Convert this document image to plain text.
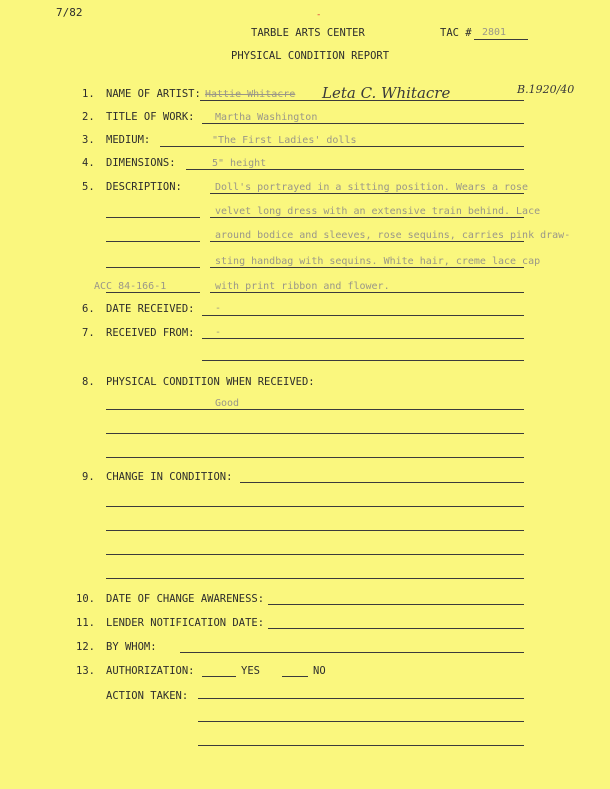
7/82	-
TARBLE ARTS CENTER	TAC # 2801
PHYSICAL CONDITION REPORT
1. NAME OF ARTIST: Hattie Whitacre Leta C. Whitacre	B.1920/40
2. TITLE OF WORK: Martha Washington
3. MEDIUM:	"The First Ladies' dolls
4. DIMENSIONS:	5" height
5. DESCRIPTION:	Doll's portrayed in a sitting position. Wears a rose
velvet long dress with an extensive train behind. Lace
around bodice and sleeves, rose sequins, carries pink draw-
sting handbag with sequins. White hair, creme lace cap
ACC 84-166-1	with print ribbon and flower.
6. DATE RECEIVED: -
7. RECEIVED FROM: -
8. PHYSICAL CONDITION WHEN RECEIVED:
Good
9. CHANGE IN CONDITION:
10. DATE OF CHANGE AWARENESS:
11. LENDER NOTIFICATION DATE:
12. BY WHOM:
13. AUTHORIZATION:	YES	NO
ACTION TAKEN:
